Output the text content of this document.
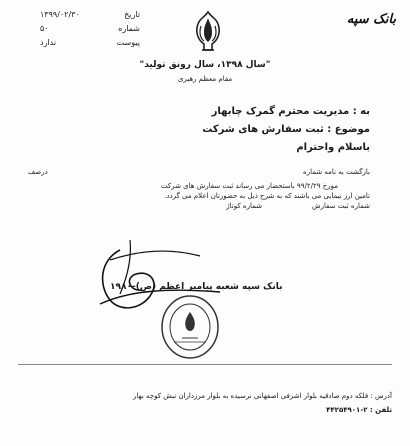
بانک سپه
تاریخ
۱۳۹۹/۰۲/۳۰
شماره
۵۰
پیوست
ندارد
"سال ۱۳۹۸، سال رونق تولید"
مقام معظم رهبری
به : مدیریت محترم گمرک چابهار
موضوع : ثبت سفارش های شرکت
باسلام واحترام
بازگشت به نامه شماره
درصف
مورخ ۹۹/۲/۲۹ باستحضار می رساند ثبت سفارش های شرکت
تامین ارز نیمایی می باشند که به شرح ذیل به حضورتان اعلام می گردد.
شماره ثبت سفارش
شماره کوتاژ
بانک سپه شعبه پیامبر اعظم (ص)-۱۹۸۰
آدرس : فلکه دوم صادقیه بلوار اشرفی اصفهانی نرسیده به بلوار مرزداران نبش کوچه بهار
تلفن : ۲-۴۴۲۵۴۹۰۱
